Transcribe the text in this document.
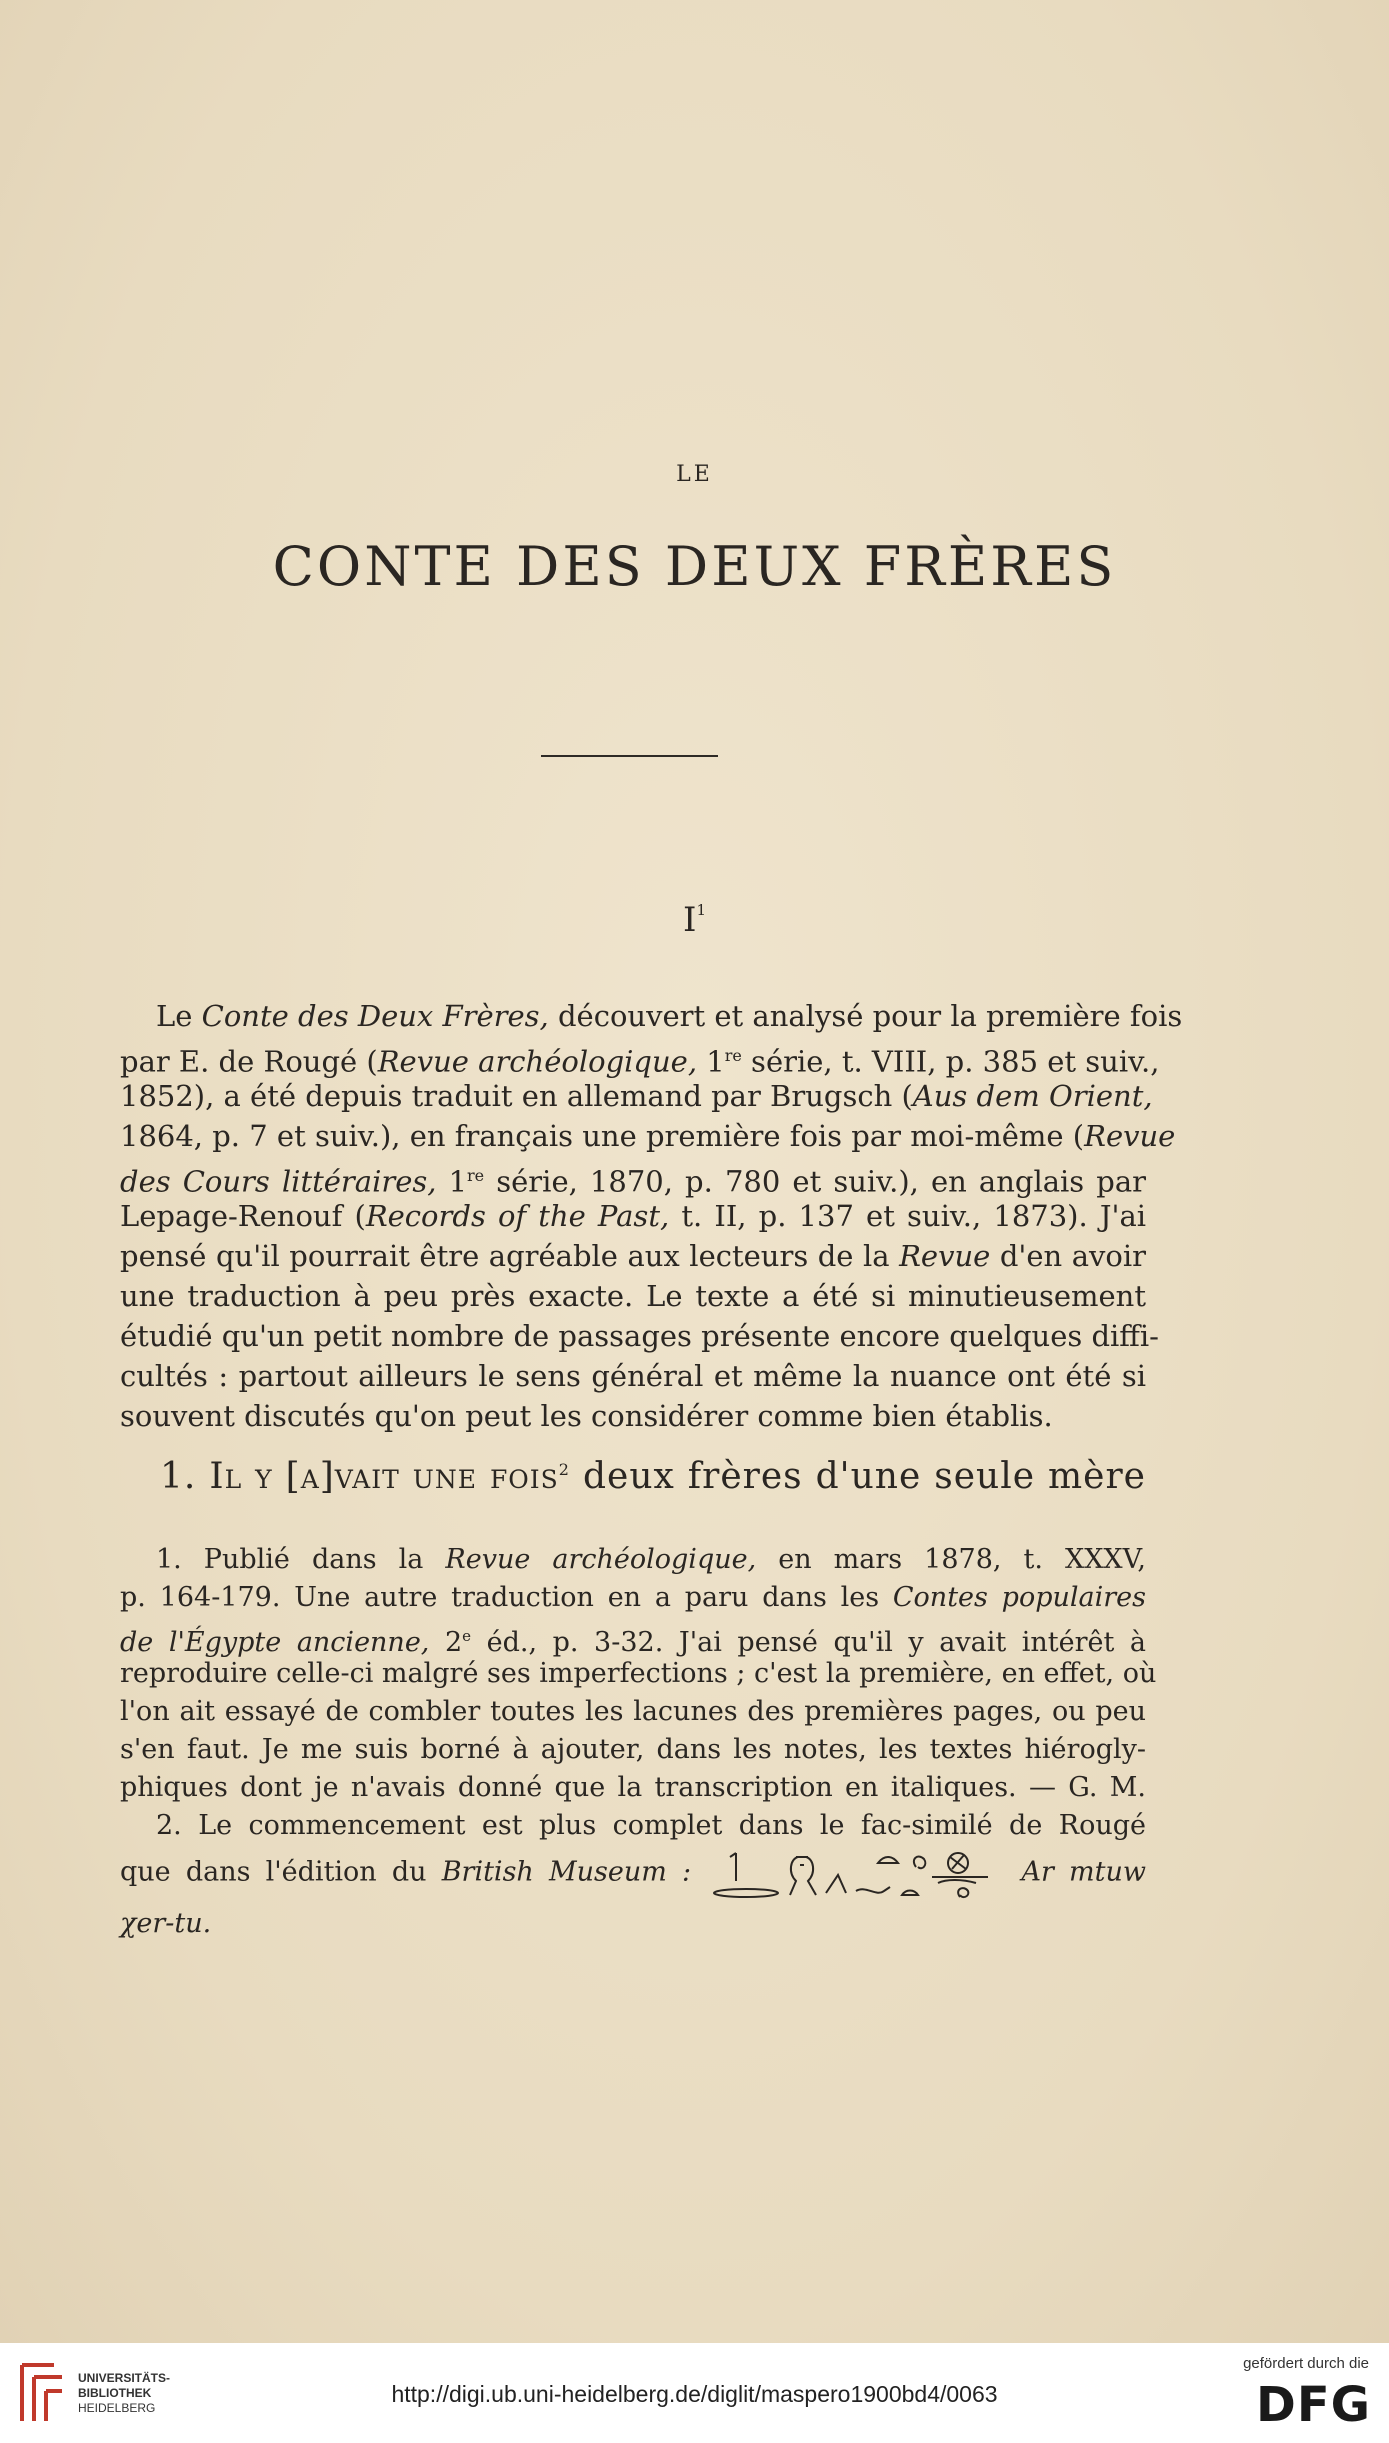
LE
CONTE DES DEUX FRÈRES
$I^1$
Le Conte des Deux Frères, découvert et analysé pour la première fois
par E. de Rougé (Revue archéologique, 1re série, t. VIII, p. 385 et suiv.,
1852), a été depuis traduit en allemand par Brugsch (Aus dem Orient,
1864, p. 7 et suiv.), en français une première fois par moi-même (Revue
des Cours littéraires, 1re série, 1870, p. 780 et suiv.), en anglais par
Lepage-Renouf (Records of the Past, t. II, p. 137 et suiv., 1873). J'ai
pensé qu'il pourrait être agréable aux lecteurs de la Revue d'en avoir
une traduction à peu près exacte. Le texte a été si minutieusement
étudié qu'un petit nombre de passages présente encore quelques diffi-
cultés : partout ailleurs le sens général et même la nuance ont été si
souvent discutés qu'on peut les considérer comme bien établis.
1. Il y [a]vait une fois$^2$ deux frères d'une seule mère
1. Publié dans la Revue archéologique, en mars 1878, t. XXXV,
p. 164-179. Une autre traduction en a paru dans les Contes populaires
de l'Égypte ancienne, 2e éd., p. 3-32. J'ai pensé qu'il y avait intérêt à
reproduire celle-ci malgré ses imperfections ; c'est la première, en effet, où
l'on ait essayé de combler toutes les lacunes des premières pages, ou peu
s'en faut. Je me suis borné à ajouter, dans les notes, les textes hiérogly-
phiques dont je n'avais donné que la transcription en italiques. — G. M.
2. Le commencement est plus complet dans le fac-similé de Rougé
que dans l'édition du British Museum :	Ar mtuw
χer-tu.
UNIVERSITÄTS-
BIBLIOTHEK
HEIDELBERG
http://digi.ub.uni-heidelberg.de/diglit/maspero1900bd4/0063
gefördert durch die
DFG
